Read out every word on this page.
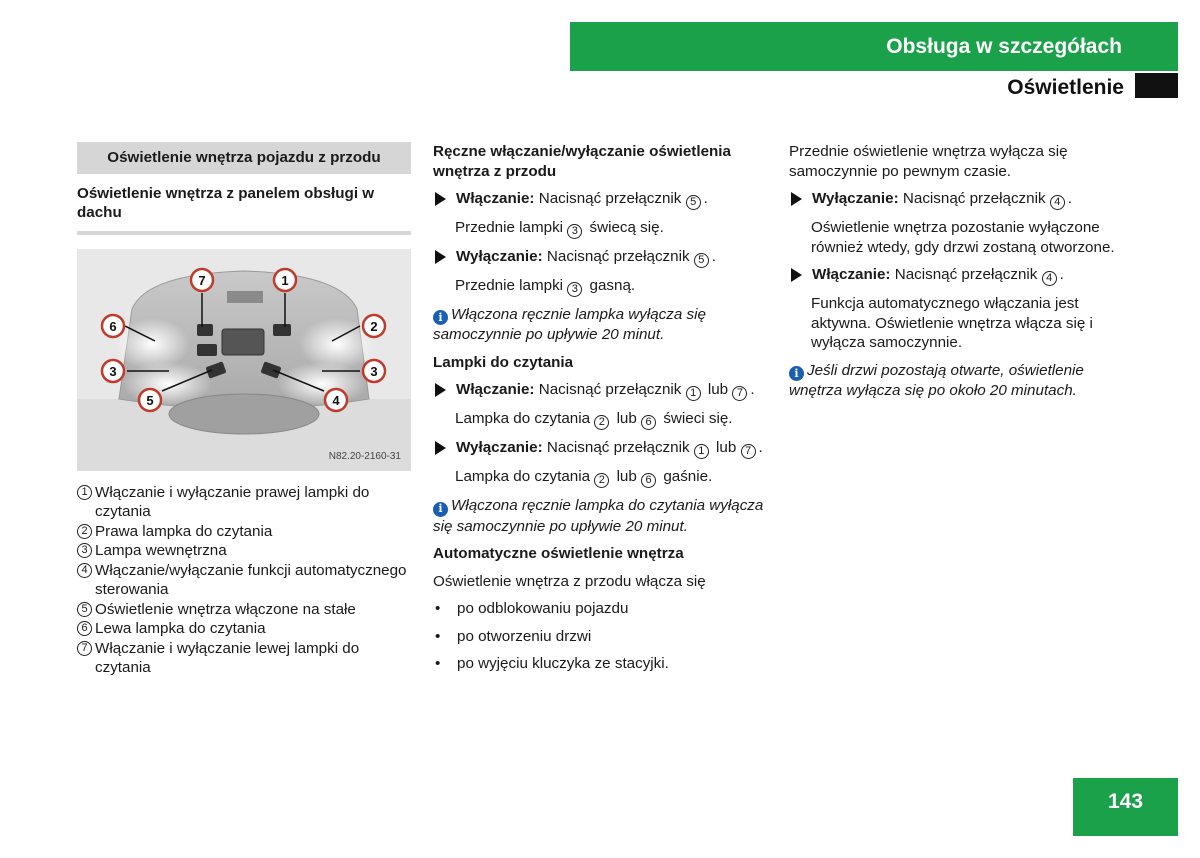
Obsługa w szczegółach
Oświetlenie
Oświetlenie wnętrza pojazdu z przodu
Oświetlenie wnętrza z panelem obsługi w dachu
7	1
6	2
3	3
5	4
N82.20-2160-31
1 Włączanie i wyłączanie prawej lampki do czytania
2 Prawa lampka do czytania
3 Lampa wewnętrzna
4 Włączanie/wyłączanie funkcji automatycznego sterowania
5 Oświetlenie wnętrza włączone na stałe
6 Lewa lampka do czytania
7 Włączanie i wyłączanie lewej lampki do czytania
Ręczne włączanie/wyłączanie oświetlenia wnętrza z przodu
Włączanie: Nacisnąć przełącznik 5 .
Przednie lampki 3 świecą się.
Wyłączanie: Nacisnąć przełącznik 5 .
Przednie lampki 3 gasną.
i Włączona ręcznie lampka wyłącza się samoczynnie po upływie 20 minut.
Lampki do czytania
Włączanie: Nacisnąć przełącznik 1 lub 7 .
Lampka do czytania 2 lub 6 świeci się.
Wyłączanie: Nacisnąć przełącznik 1 lub 7 .
Lampka do czytania 2 lub 6 gaśnie.
i Włączona ręcznie lampka do czytania wyłącza się samoczynnie po upływie 20 minut.
Automatyczne oświetlenie wnętrza
Oświetlenie wnętrza z przodu włącza się
•	po odblokowaniu pojazdu
•	po otworzeniu drzwi
•	po wyjęciu kluczyka ze stacyjki.
Przednie oświetlenie wnętrza wyłącza się samoczynnie po pewnym czasie.
Wyłączanie: Nacisnąć przełącznik 4 .
Oświetlenie wnętrza pozostanie wyłączone również wtedy, gdy drzwi zostaną otworzone.
Włączanie: Nacisnąć przełącznik 4 .
Funkcja automatycznego włączania jest aktywna. Oświetlenie wnętrza włącza się i wyłącza samoczynnie.
i Jeśli drzwi pozostają otwarte, oświetlenie wnętrza wyłącza się po około 20 minutach.
143
